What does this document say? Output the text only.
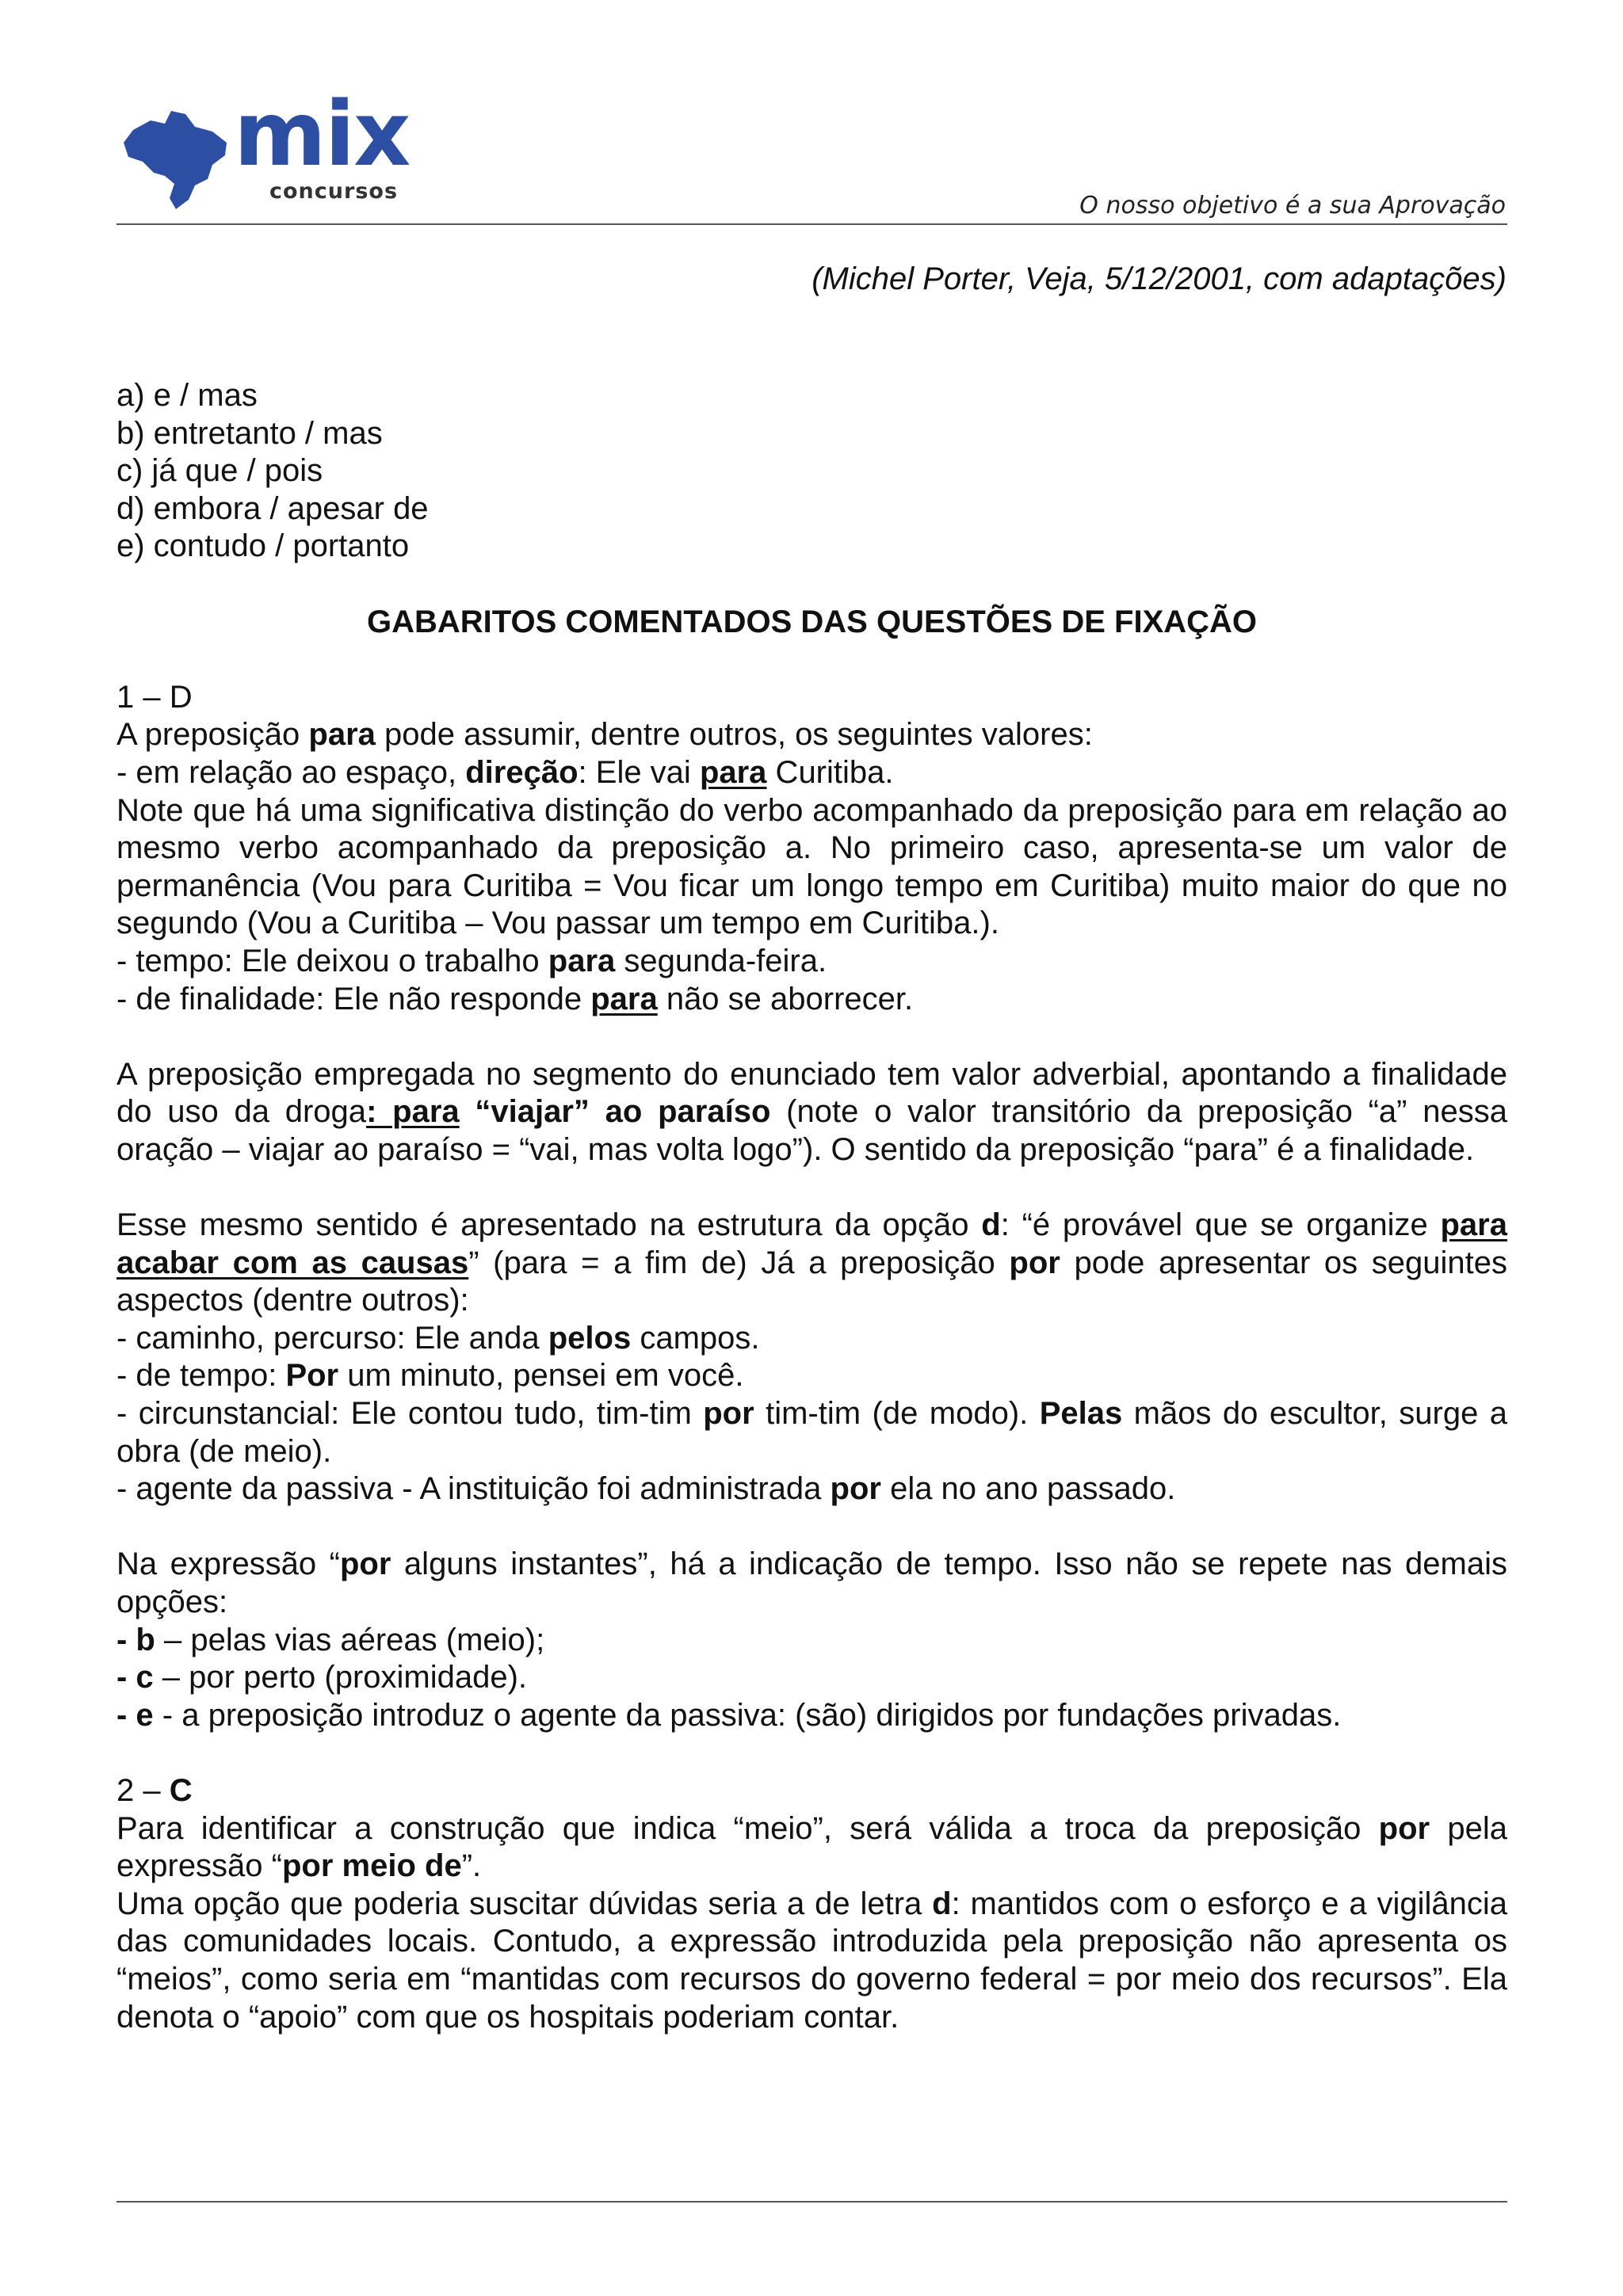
mix
concursos
O nosso objetivo é a sua Aprovação
(Michel Porter, Veja, 5/12/2001, com adaptações)

a) e / mas

b) entretanto / mas

c) já que / pois

d) embora / apesar de

e) contudo / portanto

GABARITOS COMENTADOS DAS QUESTÕES DE FIXAÇÃO

1 – D

A preposição para pode assumir, dentre outros, os seguintes valores:

- em relação ao espaço, direção: Ele vai para Curitiba.

Note que há uma significativa distinção do verbo acompanhado da preposição para em relação ao mesmo verbo acompanhado da preposição a. No primeiro caso, apresenta-se um valor de permanência (Vou para Curitiba = Vou ficar um longo tempo em Curitiba) muito maior do que no segundo (Vou a Curitiba – Vou passar um tempo em Curitiba.).

- tempo: Ele deixou o trabalho para segunda-feira.

- de finalidade: Ele não responde para não se aborrecer.

A preposição empregada no segmento do enunciado tem valor adverbial, apontando a finalidade do uso da droga: para “viajar” ao paraíso (note o valor transitório da preposição “a” nessa oração – viajar ao paraíso = “vai, mas volta logo”). O sentido da preposição “para” é a finalidade.

Esse mesmo sentido é apresentado na estrutura da opção d: “é provável que se organize para acabar com as causas” (para = a fim de) Já a preposição por pode apresentar os seguintes aspectos (dentre outros):

- caminho, percurso: Ele anda pelos campos.

- de tempo: Por um minuto, pensei em você.

- circunstancial: Ele contou tudo, tim-tim por tim-tim (de modo). Pelas mãos do escultor, surge a obra (de meio).

- agente da passiva - A instituição foi administrada por ela no ano passado.

Na expressão “por alguns instantes”, há a indicação de tempo. Isso não se repete nas demais opções:

- b – pelas vias aéreas (meio);

- c – por perto (proximidade).

- e - a preposição introduz o agente da passiva: (são) dirigidos por fundações privadas.

2 – C

Para identificar a construção que indica “meio”, será válida a troca da preposição por pela expressão “por meio de”.

Uma opção que poderia suscitar dúvidas seria a de letra d: mantidos com o esforço e a vigilância das comunidades locais. Contudo, a expressão introduzida pela preposição não apresenta os “meios”, como seria em “mantidas com recursos do governo federal = por meio dos recursos”. Ela denota o “apoio” com que os hospitais poderiam contar.
